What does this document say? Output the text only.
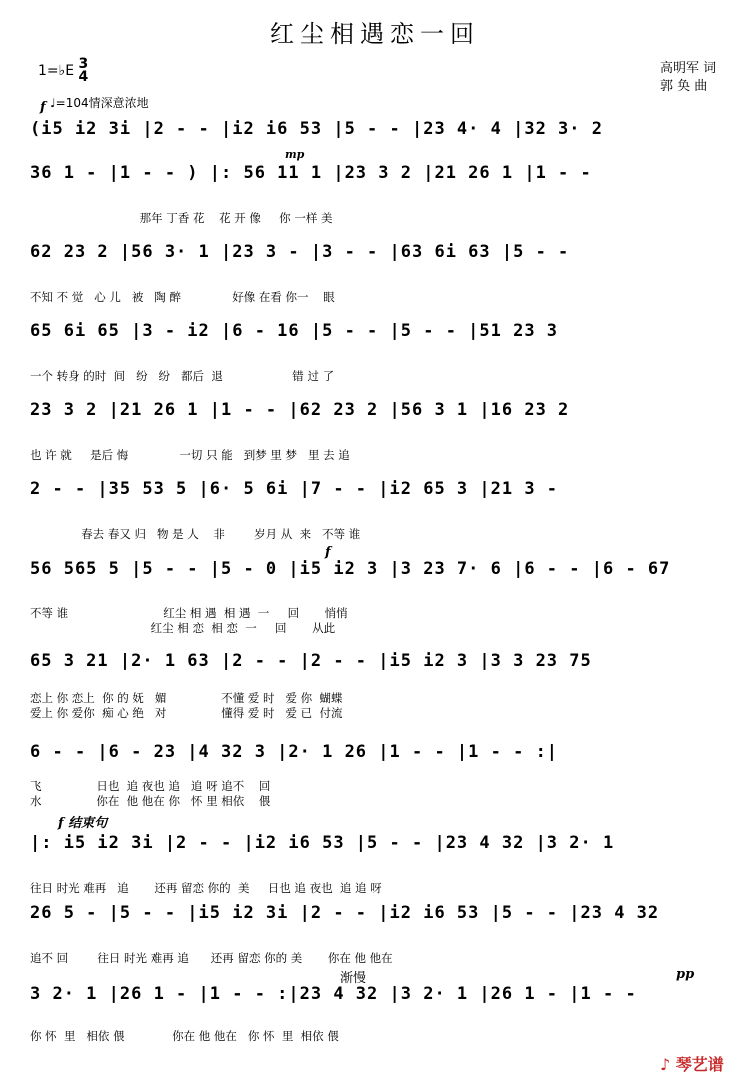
红尘相遇恋一回
高明军 词
郭 奂 曲
1=♭E 3
4
♩=104情深意浓地
f
mp
f
f 结束句
渐慢	pp
(i5 i2 3i |2 - - |i2 i6 53 |5 - - |23 4· 4 |32 3· 2
36 1 - |1 - - ) |: 56 11 1 |23 3 2 |21 26 1 |1 - -
那年 丁香 花    花 开 像     你 一样 美
62 23 2 |56 3· 1 |23 3 - |3 - - |63 6i 63 |5 - -
不知 不 觉   心 儿   被   陶 醉              好像 在看 你一    眼
65 6i 65 |3 - i2 |6 - 16 |5 - - |5 - - |51 23 3
一个 转身 的时  间   纷   纷   都后  退                   错 过 了
23 3 2 |21 26 1 |1 - - |62 23 2 |56 3 1 |16 23 2
也 许 就     是后 悔              一切 只 能   到梦 里 梦   里 去 追
2 - - |35 53 5 |6· 5 6i |7 - - |i2 65 3 |21 3 -
春去 春又 归   物 是 人    非        岁月 从  来   不等 谁
56 565 5 |5 - - |5 - 0 |i5 i2 3 |3 23 7· 6 |6 - - |6 - 67
不等 谁                          红尘 相 遇  相 遇  一     回       悄悄
红尘 相 恋  相 恋  一     回       从此
65 3 21 |2· 1 63 |2 - - |2 - - |i5 i2 3 |3 3 23 75
恋上 你 恋上  你 的 妩   媚               不懂 爱 时   爱 你  蝴蝶
爱上 你 爱你  痴 心 绝   对               懂得 爱 时   爱 已  付流
6 - - |6 - 23 |4 32 3 |2· 1 26 |1 - - |1 - - :|
飞               日也  追 夜也 追   追 呀 追不    回
水               你在  他 他在 你   怀 里 相依    偎
|: i5 i2 3i |2 - - |i2 i6 53 |5 - - |23 4 32 |3 2· 1
往日 时光 难再   追       还再 留恋 你的  美     日也 追 夜也  追 追 呀
26 5 - |5 - - |i5 i2 3i |2 - - |i2 i6 53 |5 - - |23 4 32
追不 回        往日 时光 难再 追      还再 留恋 你的 美       你在 他 他在
3 2· 1 |26 1 - |1 - - :|23 4 32 |3 2· 1 |26 1 - |1 - -
你 怀  里   相依 偎             你在 他 他在   你 怀  里  相依 偎
♪ 琴艺谱
